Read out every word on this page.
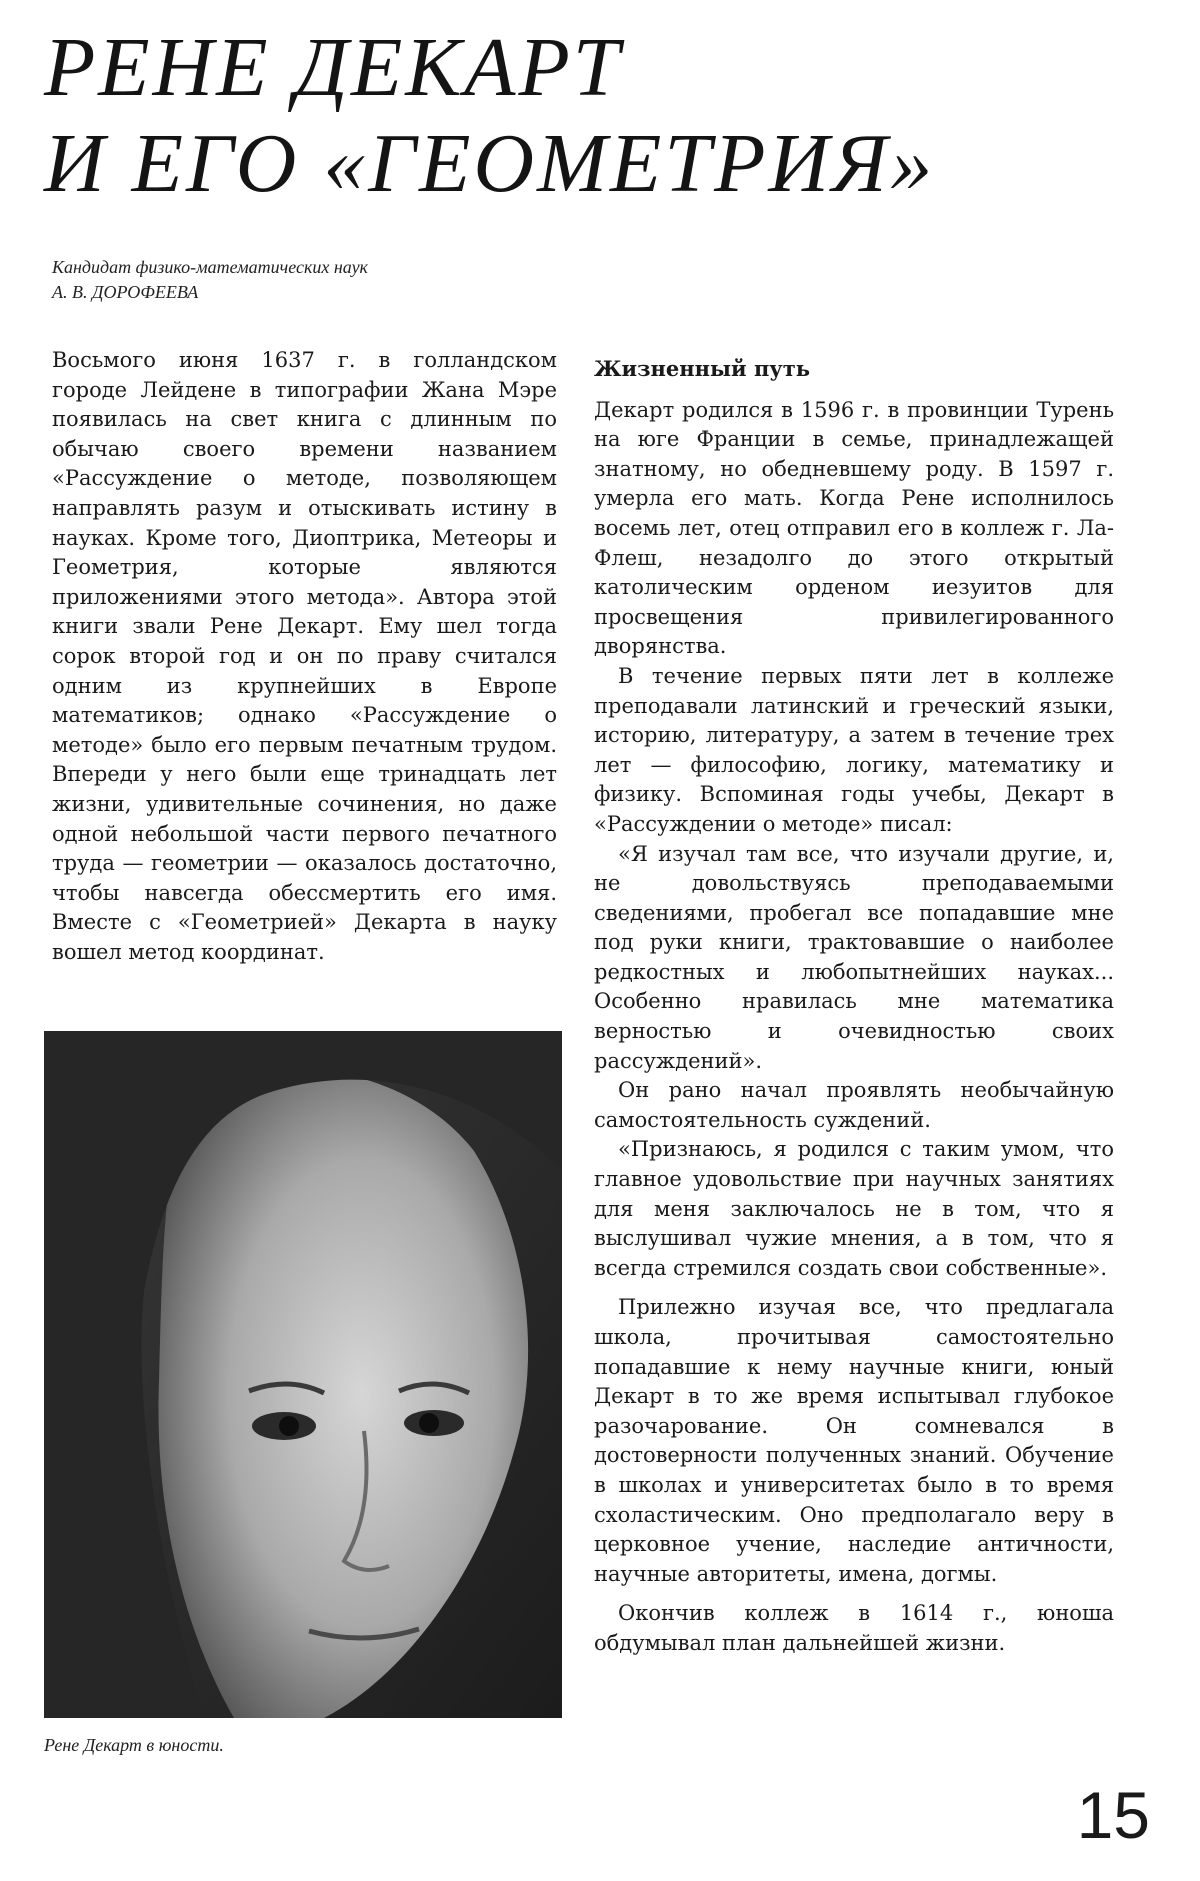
РЕНЕ ДЕКАРТ
И ЕГО «ГЕОМЕТРИЯ»
Кандидат физико-математических наук
А. В. ДОРОФЕЕВА

Восьмого июня 1637 г. в голландском городе Лейдене в типографии Жана Мэре появилась на свет книга с длинным по обычаю своего времени названием «Рассуждение о методе, позволяющем направлять разум и отыскивать истину в науках. Кроме того, Диоптрика, Метеоры и Геометрия, которые являются приложениями этого метода». Автора этой книги звали Рене Декарт. Ему шел тогда сорок второй год и он по праву считался одним из крупнейших в Европе математиков; однако «Рассуждение о методе» было его первым печатным трудом. Впереди у него были еще тринадцать лет жизни, удивительные сочинения, но даже одной небольшой части первого печатного труда — геометрии — оказалось достаточно, чтобы навсегда обессмертить его имя. Вместе с «Геометрией» Декарта в науку вошел метод координат.

Рене Декарт в юности.
Жизненный путь

Декарт родился в 1596 г. в провинции Турень на юге Франции в семье, принадлежащей знатному, но обедневшему роду. В 1597 г. умерла его мать. Когда Рене исполнилось восемь лет, отец отправил его в коллеж г. Ла-Флеш, незадолго до этого открытый католическим орденом иезуитов для просвещения привилегированного дворянства.

В течение первых пяти лет в коллеже преподавали латинский и греческий языки, историю, литературу, а затем в течение трех лет — философию, логику, математику и физику. Вспоминая годы учебы, Декарт в «Рассуждении о методе» писал:

«Я изучал там все, что изучали другие, и, не довольствуясь преподаваемыми сведениями, пробегал все попадавшие мне под руки книги, трактовавшие о наиболее редкостных и любопытнейших науках... Особенно нравилась мне математика верностью и очевидностью своих рассуждений».

Он рано начал проявлять необычайную самостоятельность суждений.

«Признаюсь, я родился с таким умом, что главное удовольствие при научных занятиях для меня заключалось не в том, что я выслушивал чужие мнения, а в том, что я всегда стремился создать свои собственные».

Прилежно изучая все, что предлагала школа, прочитывая самостоятельно попадавшие к нему научные книги, юный Декарт в то же время испытывал глубокое разочарование. Он сомневался в достоверности полученных знаний. Обучение в школах и университетах было в то время схоластическим. Оно предполагало веру в церковное учение, наследие античности, научные авторитеты, имена, догмы.

Окончив коллеж в 1614 г., юноша обдумывал план дальнейшей жизни.

15
